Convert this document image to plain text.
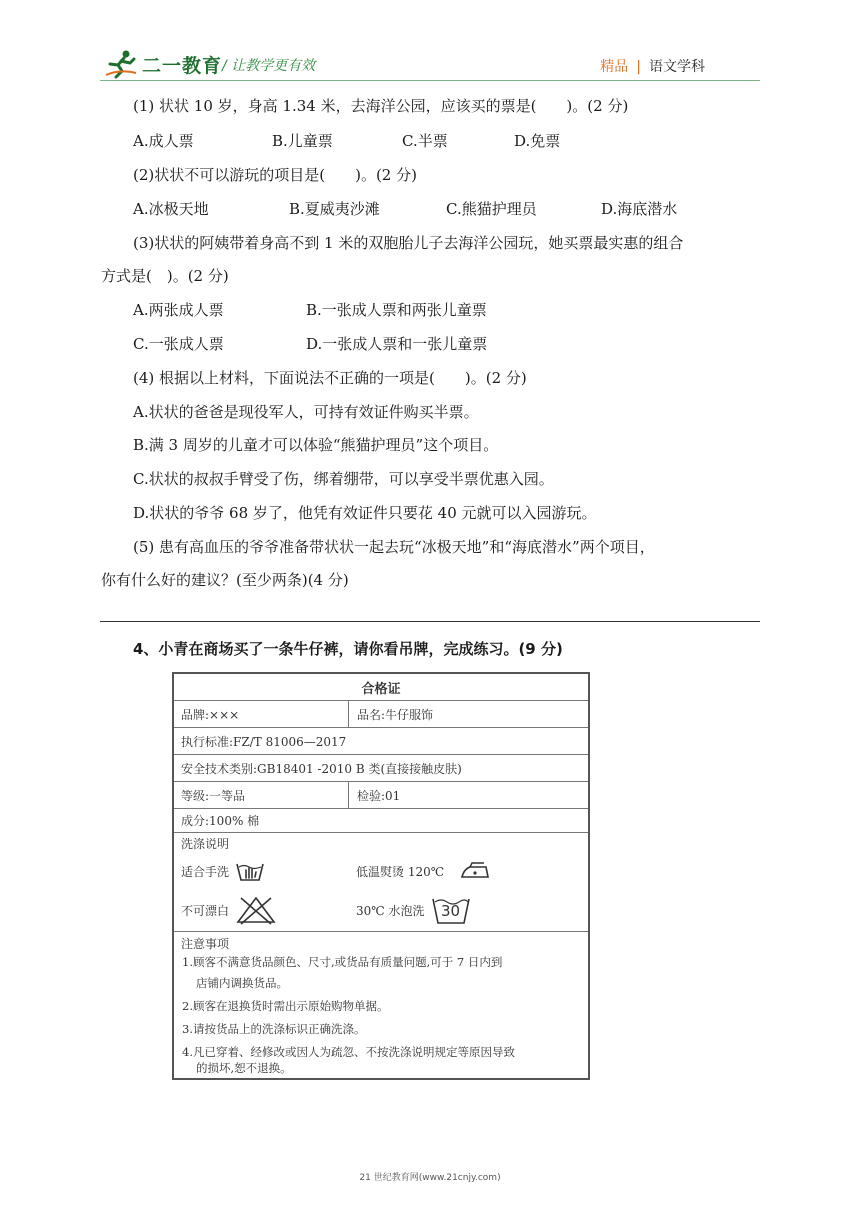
二一教育 / 让教学更有效	精品 | 语文学科
(1) 状状 10 岁，身高 1.34 米，去海洋公园，应该买的票是(　　)。(2 分)
A.成人票	B.儿童票	C.半票	D.免票
(2)状状不可以游玩的项目是(　　)。(2 分)
A.冰极天地	B.夏威夷沙滩	C.熊猫护理员	D.海底潜水
(3)状状的阿姨带着身高不到 1 米的双胞胎儿子去海洋公园玩，她买票最实惠的组合
方式是(　)。(2 分)
A.两张成人票	B.一张成人票和两张儿童票
C.一张成人票	D.一张成人票和一张儿童票
(4) 根据以上材料，下面说法不正确的一项是(　　)。(2 分)
A.状状的爸爸是现役军人，可持有效证件购买半票。
B.满 3 周岁的儿童才可以体验“熊猫护理员”这个项目。
C.状状的叔叔手臂受了伤，绑着绷带，可以享受半票优惠入园。
D.状状的爷爷 68 岁了，他凭有效证件只要花 40 元就可以入园游玩。
(5) 患有高血压的爷爷准备带状状一起去玩“冰极天地”和“海底潜水”两个项目，
你有什么好的建议？(至少两条)(4 分)
4、小青在商场买了一条牛仔裤，请你看吊牌，完成练习。(9 分)
合格证
品牌:×××	品名:牛仔服饰
执行标准:FZ/T 81006—2017
安全技术类别:GB18401 -2010 B 类(直接接触皮肤)
等级:一等品	检验:01
成分:100% 棉
洗涤说明
适合手洗	低温熨烫 120℃
不可漂白	30℃ 水泡洗	30
注意事项
1.顾客不满意货品颜色、尺寸,或货品有质量问题,可于 7 日内到
店铺内调换货品。
2.顾客在退换货时需出示原始购物单据。
3.请按货品上的洗涤标识正确洗涤。
4.凡已穿着、经修改或因人为疏忽、不按洗涤说明规定等原因导致
的损坏,恕不退换。
21 世纪教育网(www.21cnjy.com)
